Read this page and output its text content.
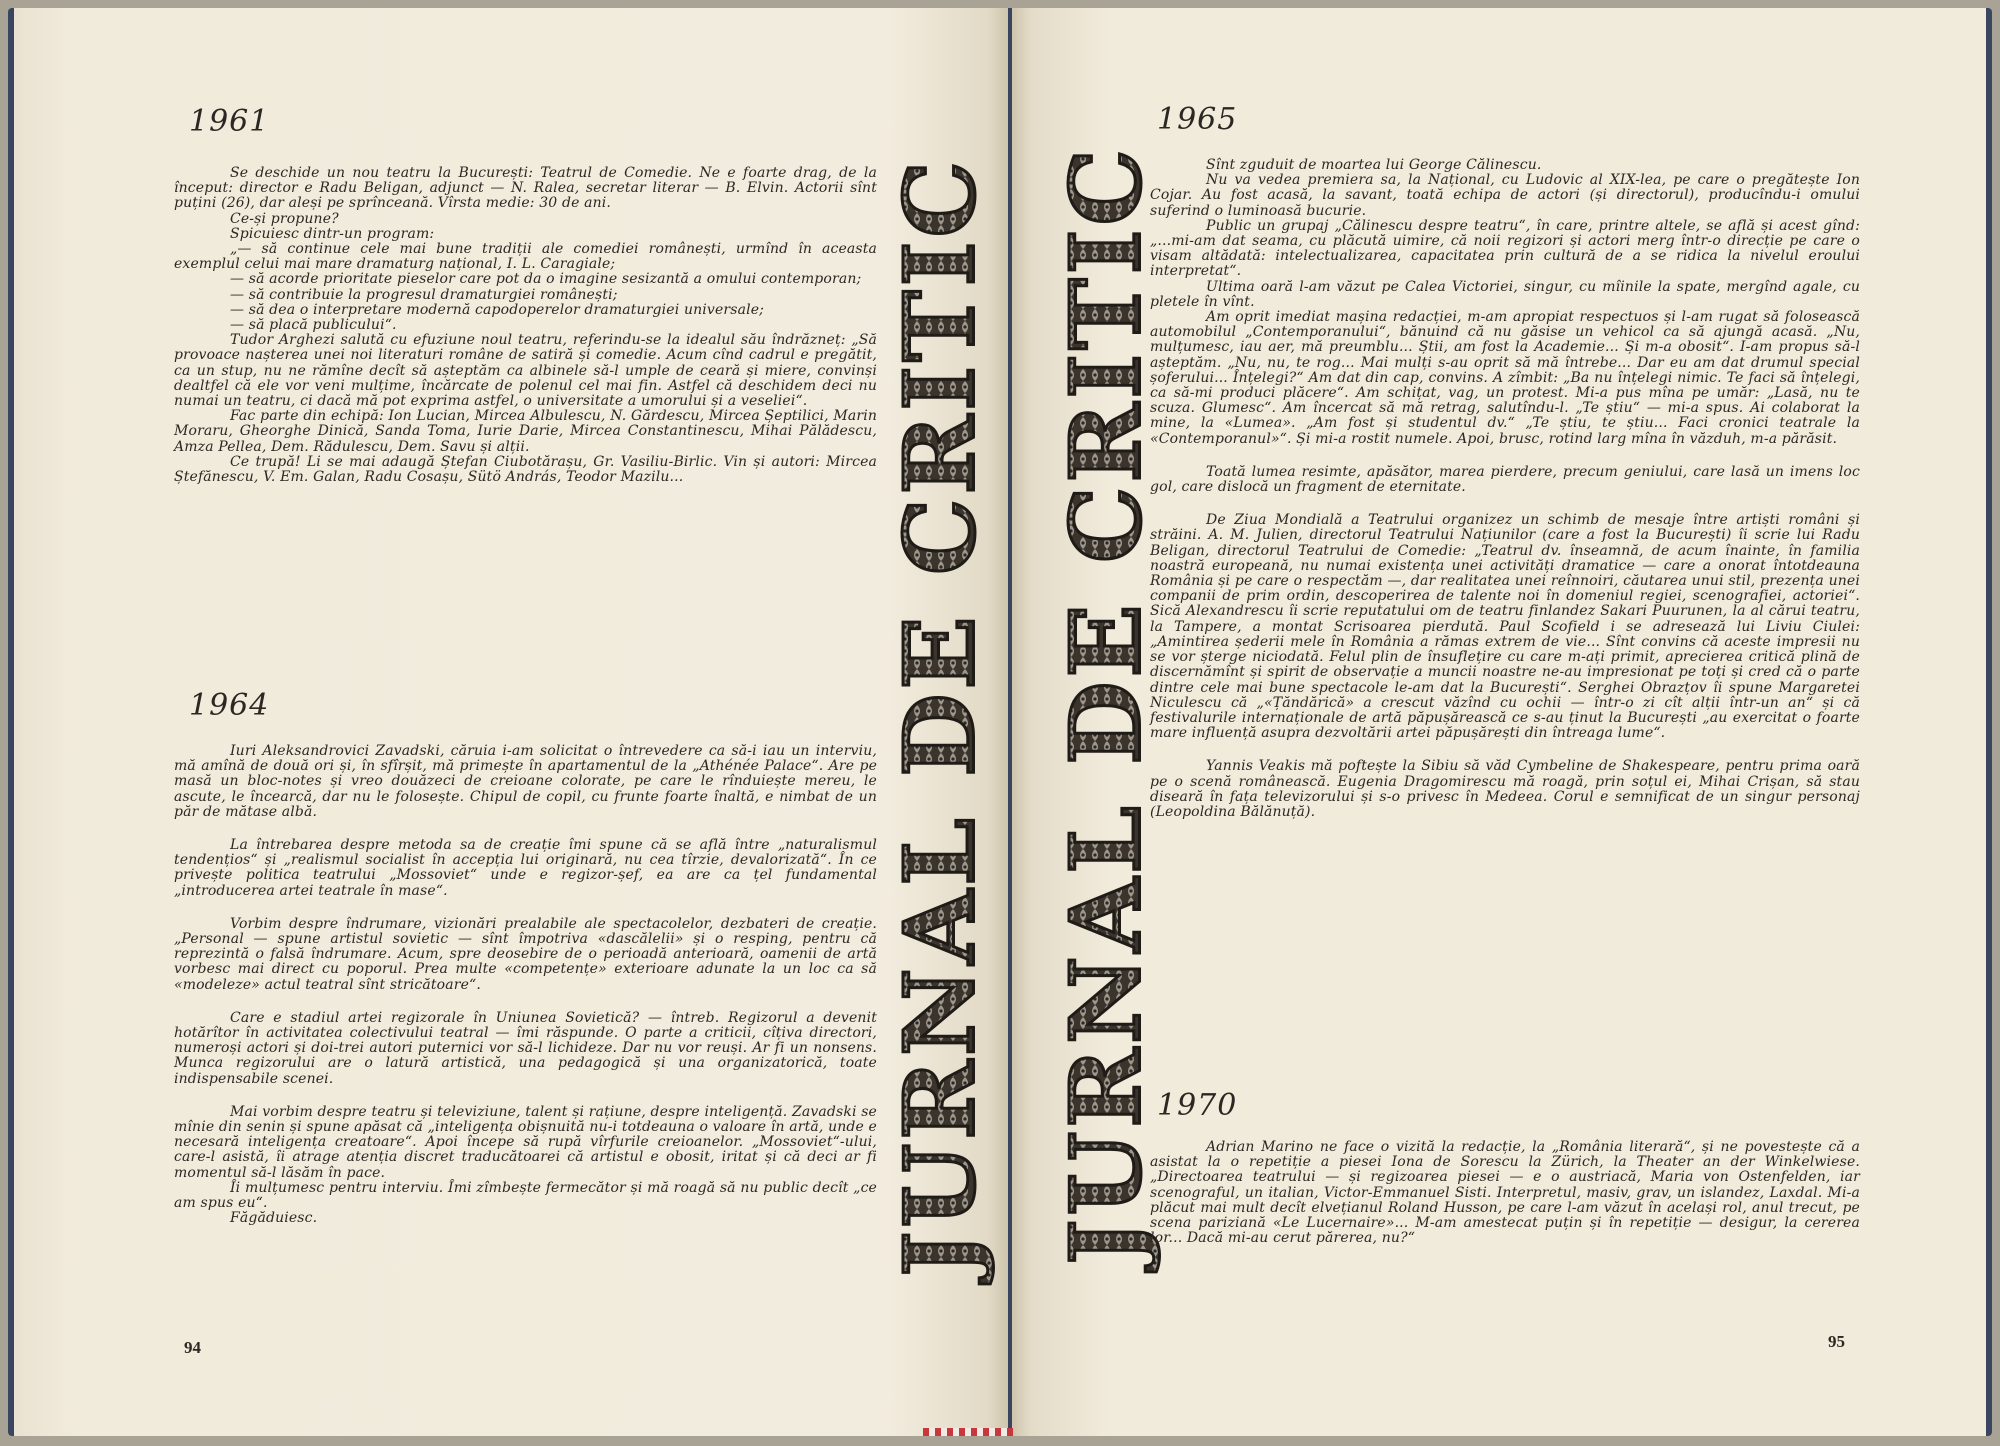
1961

Se deschide un nou teatru la București: Teatrul de Comedie. Ne e foarte drag, de la început: director e Radu Beligan, adjunct — N. Ralea, secretar literar — B. Elvin. Actorii sînt puțini (26), dar aleși pe sprînceană. Vîrsta medie: 30 de ani.

Ce-și propune?

Spicuiesc dintr-un program:

„— să continue cele mai bune tradiții ale comediei românești, urmînd în aceasta exemplul celui mai mare dramaturg național, I. L. Caragiale;

— să acorde prioritate pieselor care pot da o imagine sesizantă a omului contemporan;

— să contribuie la progresul dramaturgiei românești;

— să dea o interpretare modernă capodoperelor dramaturgiei universale;

— să placă publicului“.

Tudor Arghezi salută cu efuziune noul teatru, referindu-se la idealul său îndrăzneț: „Să provoace nașterea unei noi literaturi române de satiră și comedie. Acum cînd cadrul e pregătit, ca un stup, nu ne rămîne decît să așteptăm ca albinele să-l umple de ceară și miere, convinși dealtfel că ele vor veni mulțime, încărcate de polenul cel mai fin. Astfel că deschidem deci nu numai un teatru, ci dacă mă pot exprima astfel, o universitate a umorului și a veseliei“.

Fac parte din echipă: Ion Lucian, Mircea Albulescu, N. Gărdescu, Mircea Șeptilici, Marin Moraru, Gheorghe Dinică, Sanda Toma, Iurie Darie, Mircea Constantinescu, Mihai Pălădescu, Amza Pellea, Dem. Rădulescu, Dem. Savu și alții.

Ce trupă! Li se mai adaugă Ștefan Ciubotărașu, Gr. Vasiliu-Birlic. Vin și autori: Mircea Ștefănescu, V. Em. Galan, Radu Cosașu, Sütö András, Teodor Mazilu...

1964

Iuri Aleksandrovici Zavadski, căruia i-am solicitat o întrevedere ca să-i iau un interviu, mă amînă de două ori și, în sfîrșit, mă primește în apartamentul de la „Athénée Palace“. Are pe masă un bloc-notes și vreo douăzeci de creioane colorate, pe care le rînduiește mereu, le ascute, le încearcă, dar nu le folosește. Chipul de copil, cu frunte foarte înaltă, e nimbat de un păr de mătase albă.

La întrebarea despre metoda sa de creație îmi spune că se află între „naturalismul tendențios“ și „realismul socialist în accepția lui originară, nu cea tîrzie, devalorizată“. În ce privește politica teatrului „Mossoviet“ unde e regizor-șef, ea are ca țel fundamental „introducerea artei teatrale în mase“.

Vorbim despre îndrumare, vizionări prealabile ale spectacolelor, dezbateri de creație. „Personal — spune artistul sovietic — sînt împotriva «dascălelii» și o resping, pentru că reprezintă o falsă îndrumare. Acum, spre deosebire de o perioadă anterioară, oamenii de artă vorbesc mai direct cu poporul. Prea multe «competențe» exterioare adunate la un loc ca să «modeleze» actul teatral sînt stricătoare“.

Care e stadiul artei regizorale în Uniunea Sovietică? — întreb. Regizorul a devenit hotărîtor în activitatea colectivului teatral — îmi răspunde. O parte a criticii, cîțiva directori, numeroși actori și doi-trei autori puternici vor să-l lichideze. Dar nu vor reuși. Ar fi un nonsens. Munca regizorului are o latură artistică, una pedagogică și una organizatorică, toate indispensabile scenei.

Mai vorbim despre teatru și televiziune, talent și rațiune, despre inteligență. Zavadski se mînie din senin și spune apăsat că „inteligența obișnuită nu-i totdeauna o valoare în artă, unde e necesară inteligența creatoare“. Apoi începe să rupă vîrfurile creioanelor. „Mossoviet“-ului, care-l asistă, îi atrage atenția discret traducătoarei că artistul e obosit, iritat și că deci ar fi momentul să-l lăsăm în pace.

Îi mulțumesc pentru interviu. Îmi zîmbește fermecător și mă roagă să nu public decît „ce am spus eu“.

Făgăduiesc.

94
JURNAL DE CRITIC JURNAL DE CRITIC
1965

Sînt zguduit de moartea lui George Călinescu.

Nu va vedea premiera sa, la Național, cu Ludovic al XIX-lea, pe care o pregătește Ion Cojar. Au fost acasă, la savant, toată echipa de actori (și directorul), producîndu-i omului suferind o luminoasă bucurie.

Public un grupaj „Călinescu despre teatru“, în care, printre altele, se află și acest gînd: „...mi-am dat seama, cu plăcută uimire, că noii regizori și actori merg într-o direcție pe care o visam altădată: intelectualizarea, capacitatea prin cultură de a se ridica la nivelul eroului interpretat“.

Ultima oară l-am văzut pe Calea Victoriei, singur, cu mîinile la spate, mergînd agale, cu pletele în vînt.

Am oprit imediat mașina redacției, m-am apropiat respectuos și l-am rugat să folosească automobilul „Contemporanului“, bănuind că nu găsise un vehicol ca să ajungă acasă. „Nu, mulțumesc, iau aer, mă preumblu... Știi, am fost la Academie... Și m-a obosit“. I-am propus să-l așteptăm. „Nu, nu, te rog... Mai mulți s-au oprit să mă întrebe... Dar eu am dat drumul special șoferului... Înțelegi?“ Am dat din cap, convins. A zîmbit: „Ba nu înțelegi nimic. Te faci să înțelegi, ca să-mi produci plăcere“. Am schițat, vag, un protest. Mi-a pus mîna pe umăr: „Lasă, nu te scuza. Glumesc“. Am încercat să mă retrag, salutîndu-l. „Te știu“ — mi-a spus. Ai colaborat la mine, la «Lumea». „Am fost și studentul dv.“ „Te știu, te știu... Faci cronici teatrale la «Contemporanul»“. Și mi-a rostit numele. Apoi, brusc, rotind larg mîna în văzduh, m-a părăsit.

Toată lumea resimte, apăsător, marea pierdere, precum geniului, care lasă un imens loc gol, care dislocă un fragment de eternitate.

De Ziua Mondială a Teatrului organizez un schimb de mesaje între artiști români și străini. A. M. Julien, directorul Teatrului Națiunilor (care a fost la București) îi scrie lui Radu Beligan, directorul Teatrului de Comedie: „Teatrul dv. înseamnă, de acum înainte, în familia noastră europeană, nu numai existența unei activități dramatice — care a onorat întotdeauna România și pe care o respectăm —, dar realitatea unei reînnoiri, căutarea unui stil, prezența unei companii de prim ordin, descoperirea de talente noi în domeniul regiei, scenografiei, actoriei“. Sică Alexandrescu îi scrie reputatului om de teatru finlandez Sakari Puurunen, la al cărui teatru, la Tampere, a montat Scrisoarea pierdută. Paul Scofield i se adresează lui Liviu Ciulei: „Amintirea șederii mele în România a rămas extrem de vie... Sînt convins că aceste impresii nu se vor șterge niciodată. Felul plin de însuflețire cu care m-ați primit, aprecierea critică plină de discernămînt și spirit de observație a muncii noastre ne-au impresionat pe toți și cred că o parte dintre cele mai bune spectacole le-am dat la București“. Serghei Obrazțov îi spune Margaretei Niculescu că „«Țăndărică» a crescut văzînd cu ochii — într-o zi cît alții într-un an“ și că festivalurile internaționale de artă păpușărească ce s-au ținut la București „au exercitat o foarte mare influență asupra dezvoltării artei păpușărești din întreaga lume“.

Yannis Veakis mă poftește la Sibiu să văd Cymbeline de Shakespeare, pentru prima oară pe o scenă românească. Eugenia Dragomirescu mă roagă, prin soțul ei, Mihai Crișan, să stau diseară în fața televizorului și s-o privesc în Medeea. Corul e semnificat de un singur personaj (Leopoldina Bălănuță).

1970

Adrian Marino ne face o vizită la redacție, la „România literară“, și ne povestește că a asistat la o repetiție a piesei Iona de Sorescu la Zürich, la Theater an der Winkelwiese. „Directoarea teatrului — și regizoarea piesei — e o austriacă, Maria von Ostenfelden, iar scenograful, un italian, Victor-Emmanuel Sisti. Interpretul, masiv, grav, un islandez, Laxdal. Mi-a plăcut mai mult decît elvețianul Roland Husson, pe care l-am văzut în același rol, anul trecut, pe scena pariziană «Le Lucernaire»... M-am amestecat puțin și în repetiție — desigur, la cererea lor... Dacă mi-au cerut părerea, nu?“

95
